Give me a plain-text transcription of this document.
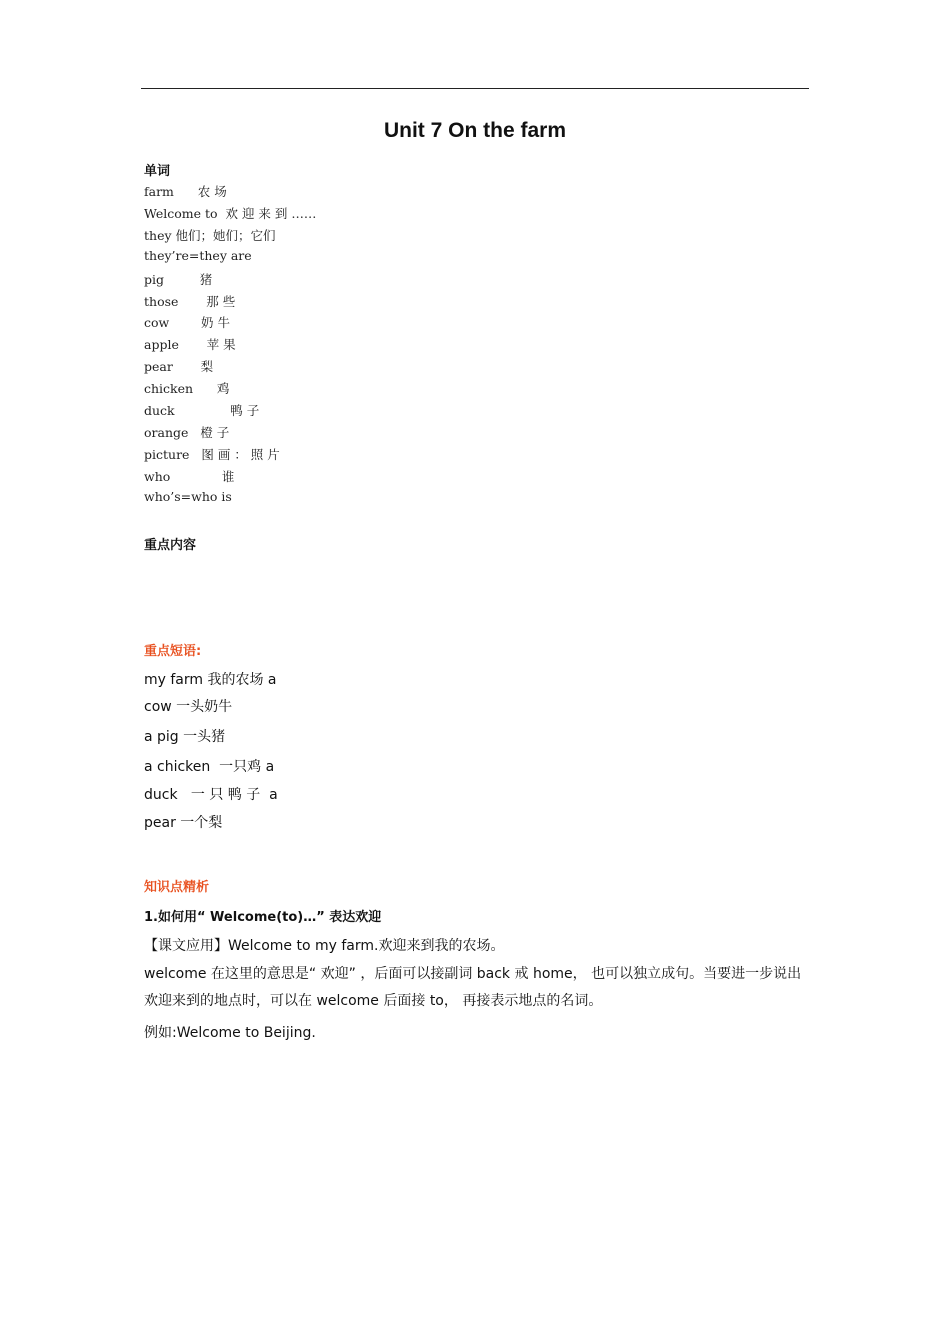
Unit 7 On the farm
单词
farm      农 场
Welcome to  欢 迎 来 到 ……
they 他们；她们；它们
they’re=they are
pig         猪
those       那 些
cow        奶 牛
apple       苹 果
pear       梨
chicken      鸡
duck              鸭 子
orange   橙 子
picture   图 画 ： 照 片
who             谁
who’s=who is
重点内容
重点短语:
my farm 我的农场 a
cow 一头奶牛
a pig 一头猪
a chicken  一只鸡 a
duck   一 只 鸭 子  a
pear 一个梨
知识点精析
1.如何用“ Welcome(to)…” 表达欢迎
【课文应用】Welcome to my farm.欢迎来到我的农场。
welcome 在这里的意思是“ 欢迎” ，后面可以接副词 back 戒 home， 也可以独立成句。当要进一步说出欢迎来到的地点时，可以在 welcome 后面接 to， 再接表示地点的名词。
例如:Welcome to Beijing.
